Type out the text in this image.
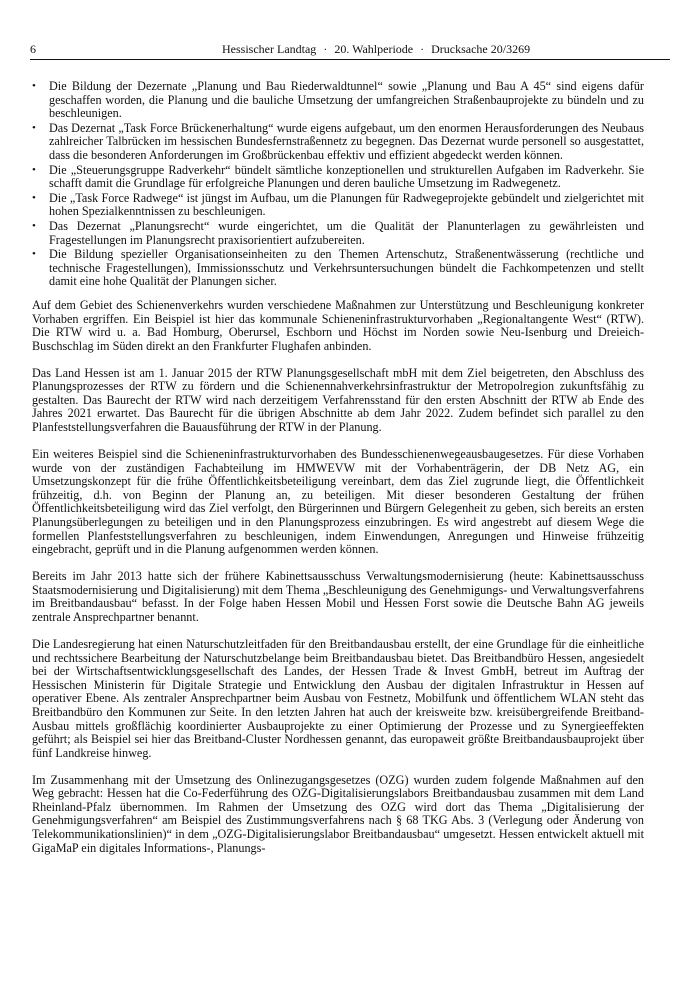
6	Hessischer Landtag · 20. Wahlperiode · Drucksache 20/3269
• Die Bildung der Dezernate „Planung und Bau Riederwaldtunnel“ sowie „Planung und Bau A 45“ sind eigens dafür geschaffen worden, die Planung und die bauliche Umsetzung der umfangreichen Straßenbauprojekte zu bündeln und zu beschleunigen.
• Das Dezernat „Task Force Brückenerhaltung“ wurde eigens aufgebaut, um den enormen Herausforderungen des Neubaus zahlreicher Talbrücken im hessischen Bundesfernstraßennetz zu begegnen. Das Dezernat wurde personell so ausgestattet, dass die besonderen Anforderungen im Großbrückenbau effektiv und effizient abgedeckt werden können.
• Die „Steuerungsgruppe Radverkehr“ bündelt sämtliche konzeptionellen und strukturellen Aufgaben im Radverkehr. Sie schafft damit die Grundlage für erfolgreiche Planungen und deren bauliche Umsetzung im Radwegenetz.
• Die „Task Force Radwege“ ist jüngst im Aufbau, um die Planungen für Radwegeprojekte gebündelt und zielgerichtet mit hohen Spezialkenntnissen zu beschleunigen.
• Das Dezernat „Planungsrecht“ wurde eingerichtet, um die Qualität der Planunterlagen zu gewährleisten und Fragestellungen im Planungsrecht praxisorientiert aufzubereiten.
• Die Bildung spezieller Organisationseinheiten zu den Themen Artenschutz, Straßenentwässerung (rechtliche und technische Fragestellungen), Immissionsschutz und Verkehrsuntersuchungen bündelt die Fachkompetenzen und stellt damit eine hohe Qualität der Planungen sicher.

Auf dem Gebiet des Schienenverkehrs wurden verschiedene Maßnahmen zur Unterstützung und Beschleunigung konkreter Vorhaben ergriffen. Ein Beispiel ist hier das kommunale Schieneninfrastrukturvorhaben „Regionaltangente West“ (RTW). Die RTW wird u. a. Bad Homburg, Oberursel, Eschborn und Höchst im Norden sowie Neu-Isenburg und Dreieich-Buschschlag im Süden direkt an den Frankfurter Flughafen anbinden.

Das Land Hessen ist am 1. Januar 2015 der RTW Planungsgesellschaft mbH mit dem Ziel beigetreten, den Abschluss des Planungsprozesses der RTW zu fördern und die Schienennahverkehrsinfrastruktur der Metropolregion zukunftsfähig zu gestalten. Das Baurecht der RTW wird nach derzeitigem Verfahrensstand für den ersten Abschnitt der RTW ab Ende des Jahres 2021 erwartet. Das Baurecht für die übrigen Abschnitte ab dem Jahr 2022. Zudem befindet sich parallel zu den Planfeststellungsverfahren die Bauausführung der RTW in der Planung.

Ein weiteres Beispiel sind die Schieneninfrastrukturvorhaben des Bundesschienenwegeausbaugesetzes. Für diese Vorhaben wurde von der zuständigen Fachabteilung im HMWEVW mit der Vorhabenträgerin, der DB Netz AG, ein Umsetzungskonzept für die frühe Öffentlichkeitsbeteiligung vereinbart, dem das Ziel zugrunde liegt, die Öffentlichkeit frühzeitig, d.h. von Beginn der Planung an, zu beteiligen. Mit dieser besonderen Gestaltung der frühen Öffentlichkeitsbeteiligung wird das Ziel verfolgt, den Bürgerinnen und Bürgern Gelegenheit zu geben, sich bereits an ersten Planungsüberlegungen zu beteiligen und in den Planungsprozess einzubringen. Es wird angestrebt auf diesem Wege die formellen Planfeststellungsverfahren zu beschleunigen, indem Einwendungen, Anregungen und Hinweise frühzeitig eingebracht, geprüft und in die Planung aufgenommen werden können.

Bereits im Jahr 2013 hatte sich der frühere Kabinettsausschuss Verwaltungsmodernisierung (heute: Kabinettsausschuss Staatsmodernisierung und Digitalisierung) mit dem Thema „Beschleunigung des Genehmigungs- und Verwaltungsverfahrens im Breitbandausbau“ befasst. In der Folge haben Hessen Mobil und Hessen Forst sowie die Deutsche Bahn AG jeweils zentrale Ansprechpartner benannt.

Die Landesregierung hat einen Naturschutzleitfaden für den Breitbandausbau erstellt, der eine Grundlage für die einheitliche und rechtssichere Bearbeitung der Naturschutzbelange beim Breitbandausbau bietet. Das Breitbandbüro Hessen, angesiedelt bei der Wirtschaftsentwicklungsgesellschaft des Landes, der Hessen Trade & Invest GmbH, betreut im Auftrag der Hessischen Ministerin für Digitale Strategie und Entwicklung den Ausbau der digitalen Infrastruktur in Hessen auf operativer Ebene. Als zentraler Ansprechpartner beim Ausbau von Festnetz, Mobilfunk und öffentlichem WLAN steht das Breitbandbüro den Kommunen zur Seite. In den letzten Jahren hat auch der kreisweite bzw. kreisübergreifende Breitband-Ausbau mittels großflächig koordinierter Ausbauprojekte zu einer Optimierung der Prozesse und zu Synergieeffekten geführt; als Beispiel sei hier das Breitband-Cluster Nordhessen genannt, das europaweit größte Breitbandausbauprojekt über fünf Landkreise hinweg.

Im Zusammenhang mit der Umsetzung des Onlinezugangsgesetzes (OZG) wurden zudem folgende Maßnahmen auf den Weg gebracht: Hessen hat die Co-Federführung des OZG-Digitalisierungslabors Breitbandausbau zusammen mit dem Land Rheinland-Pfalz übernommen. Im Rahmen der Umsetzung des OZG wird dort das Thema „Digitalisierung der Genehmigungsverfahren“ am Beispiel des Zustimmungsverfahrens nach § 68 TKG Abs. 3 (Verlegung oder Änderung von Telekommunikationslinien)“ in dem „OZG-Digitalisierungslabor Breitbandausbau“ umgesetzt. Hessen entwickelt aktuell mit GigaMaP ein digitales Informations-, Planungs-
